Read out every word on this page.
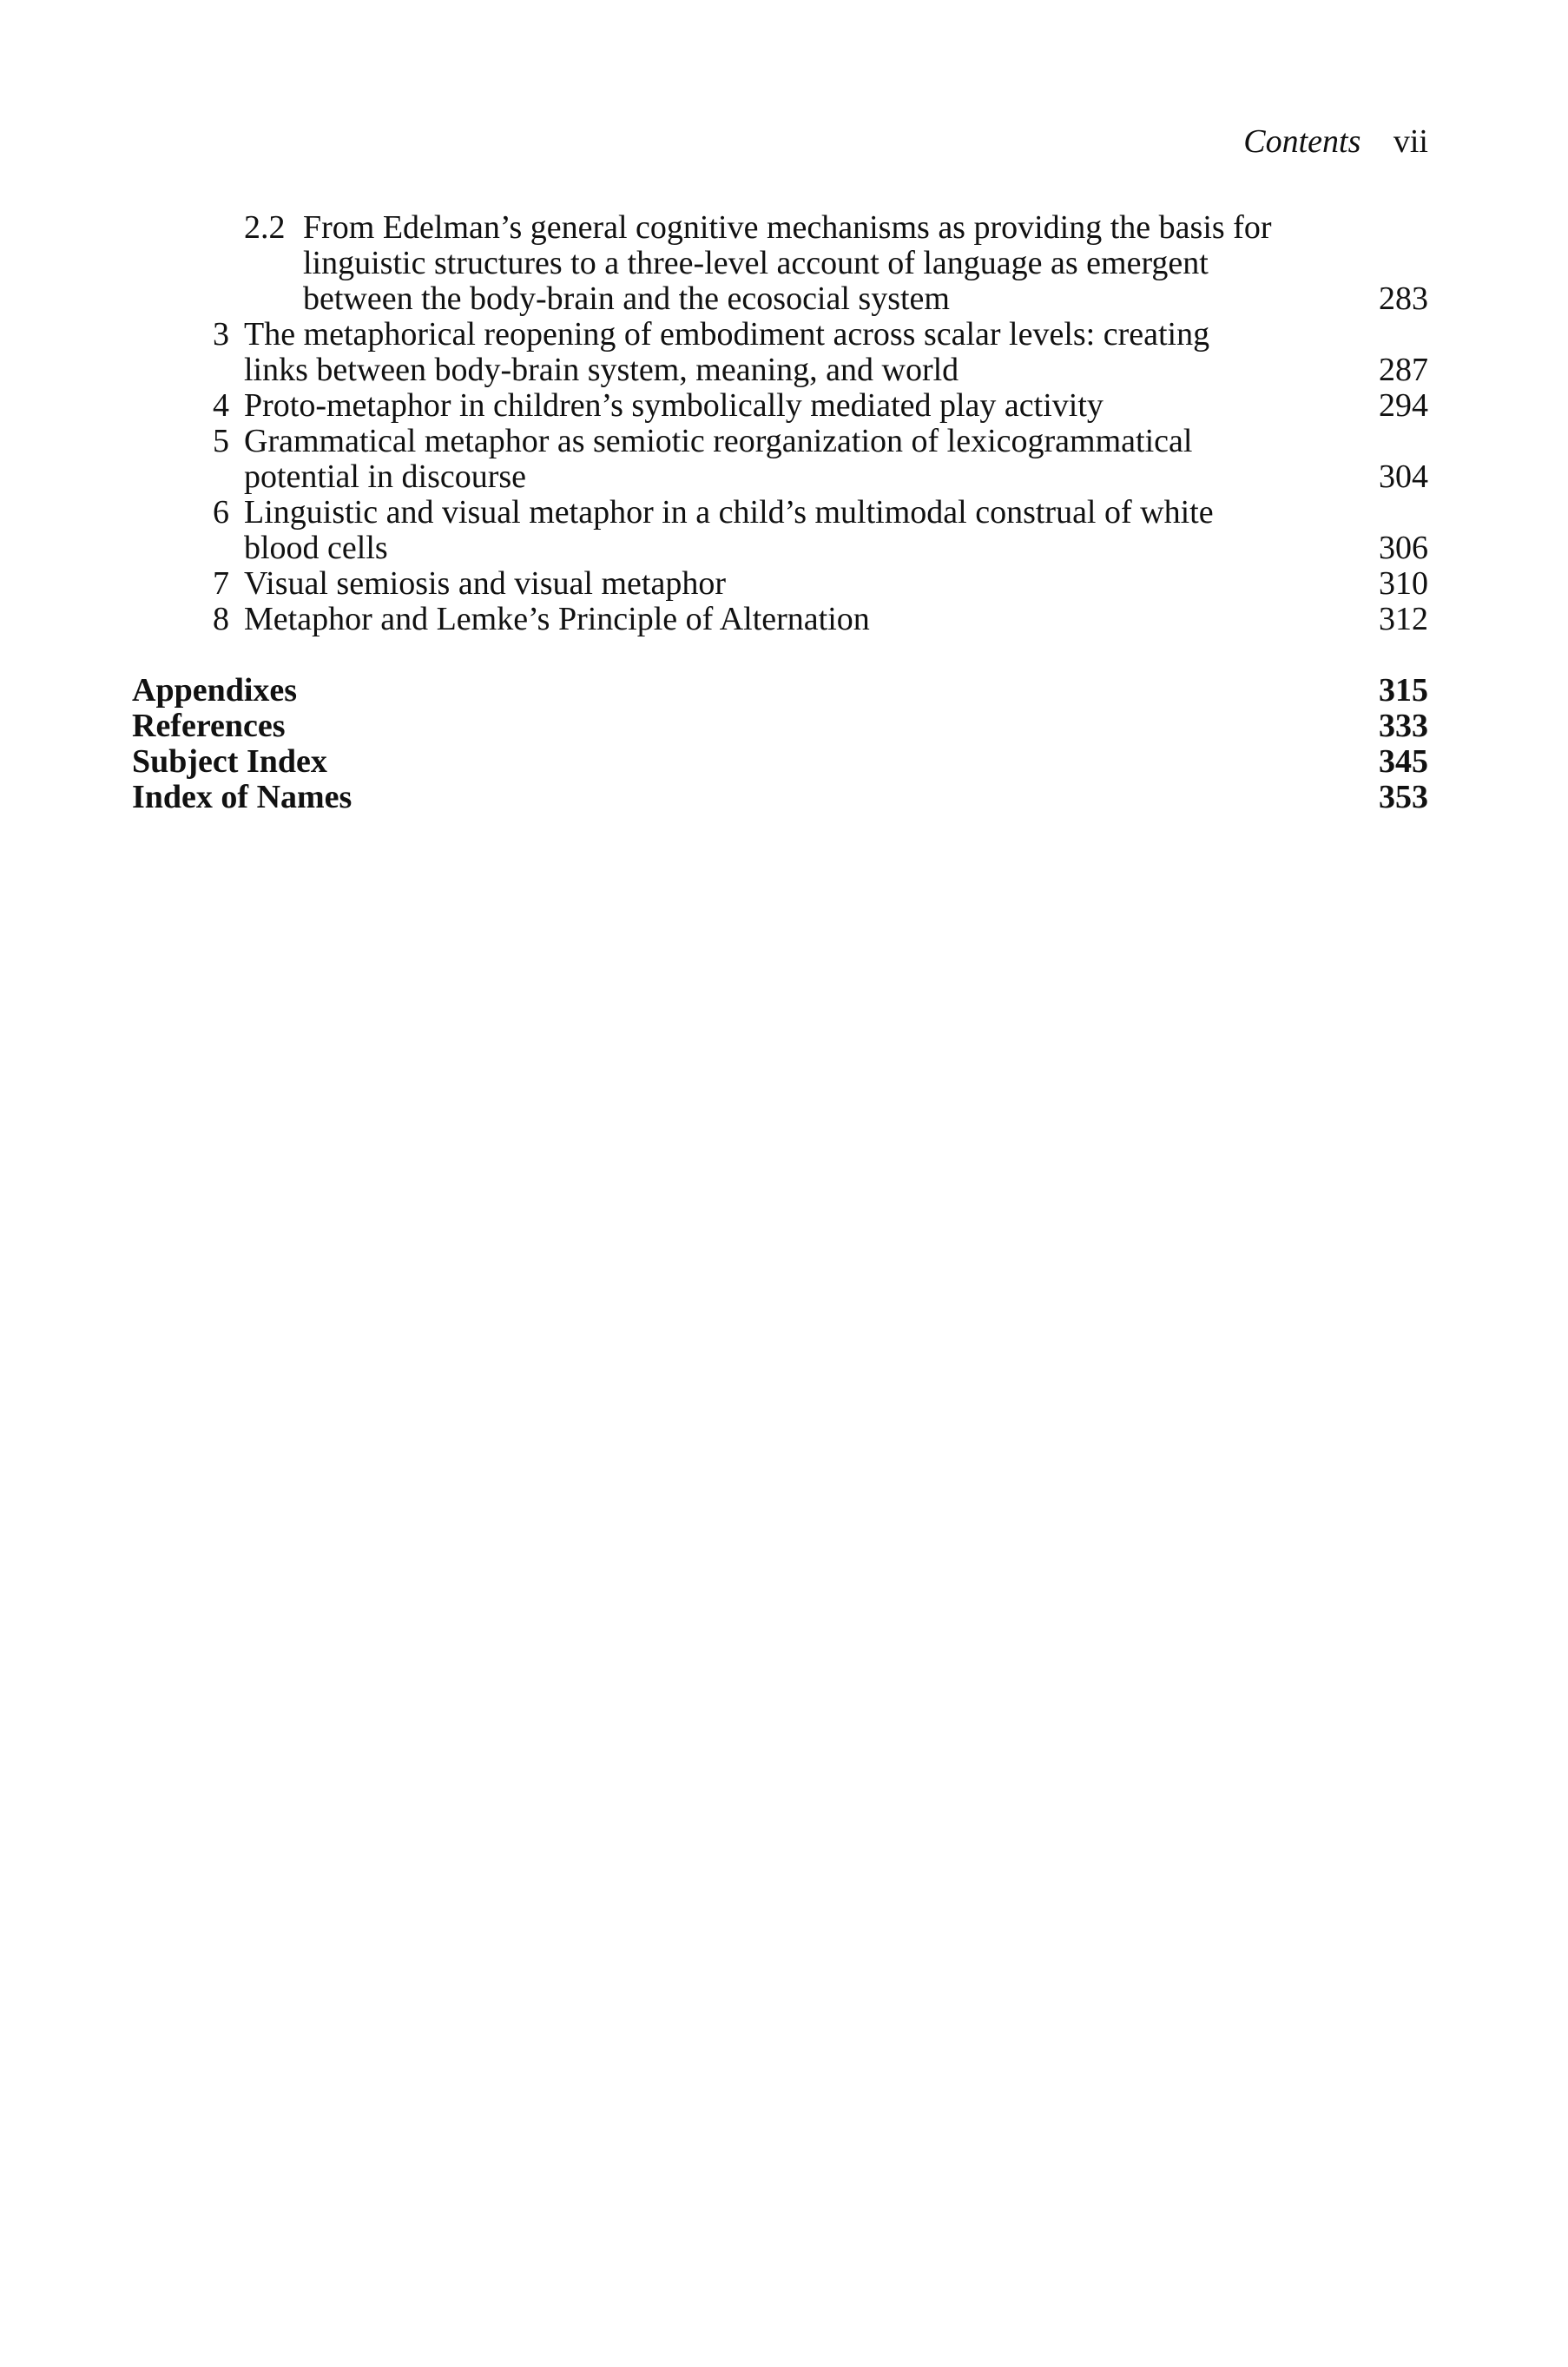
Contents vii
2.2 From Edelman’s general cognitive mechanisms as providing the basis for
linguistic structures to a three-level account of language as emergent
between the body-brain and the ecosocial system	283
3 The metaphorical reopening of embodiment across scalar levels: creating
links between body-brain system, meaning, and world	287
4 Proto-metaphor in children’s symbolically mediated play activity	294
5 Grammatical metaphor as semiotic reorganization of lexicogrammatical
potential in discourse	304
6 Linguistic and visual metaphor in a child’s multimodal construal of white
blood cells	306
7 Visual semiosis and visual metaphor	310
8 Metaphor and Lemke’s Principle of Alternation	312
Appendixes	315
References	333
Subject Index	345
Index of Names	353
